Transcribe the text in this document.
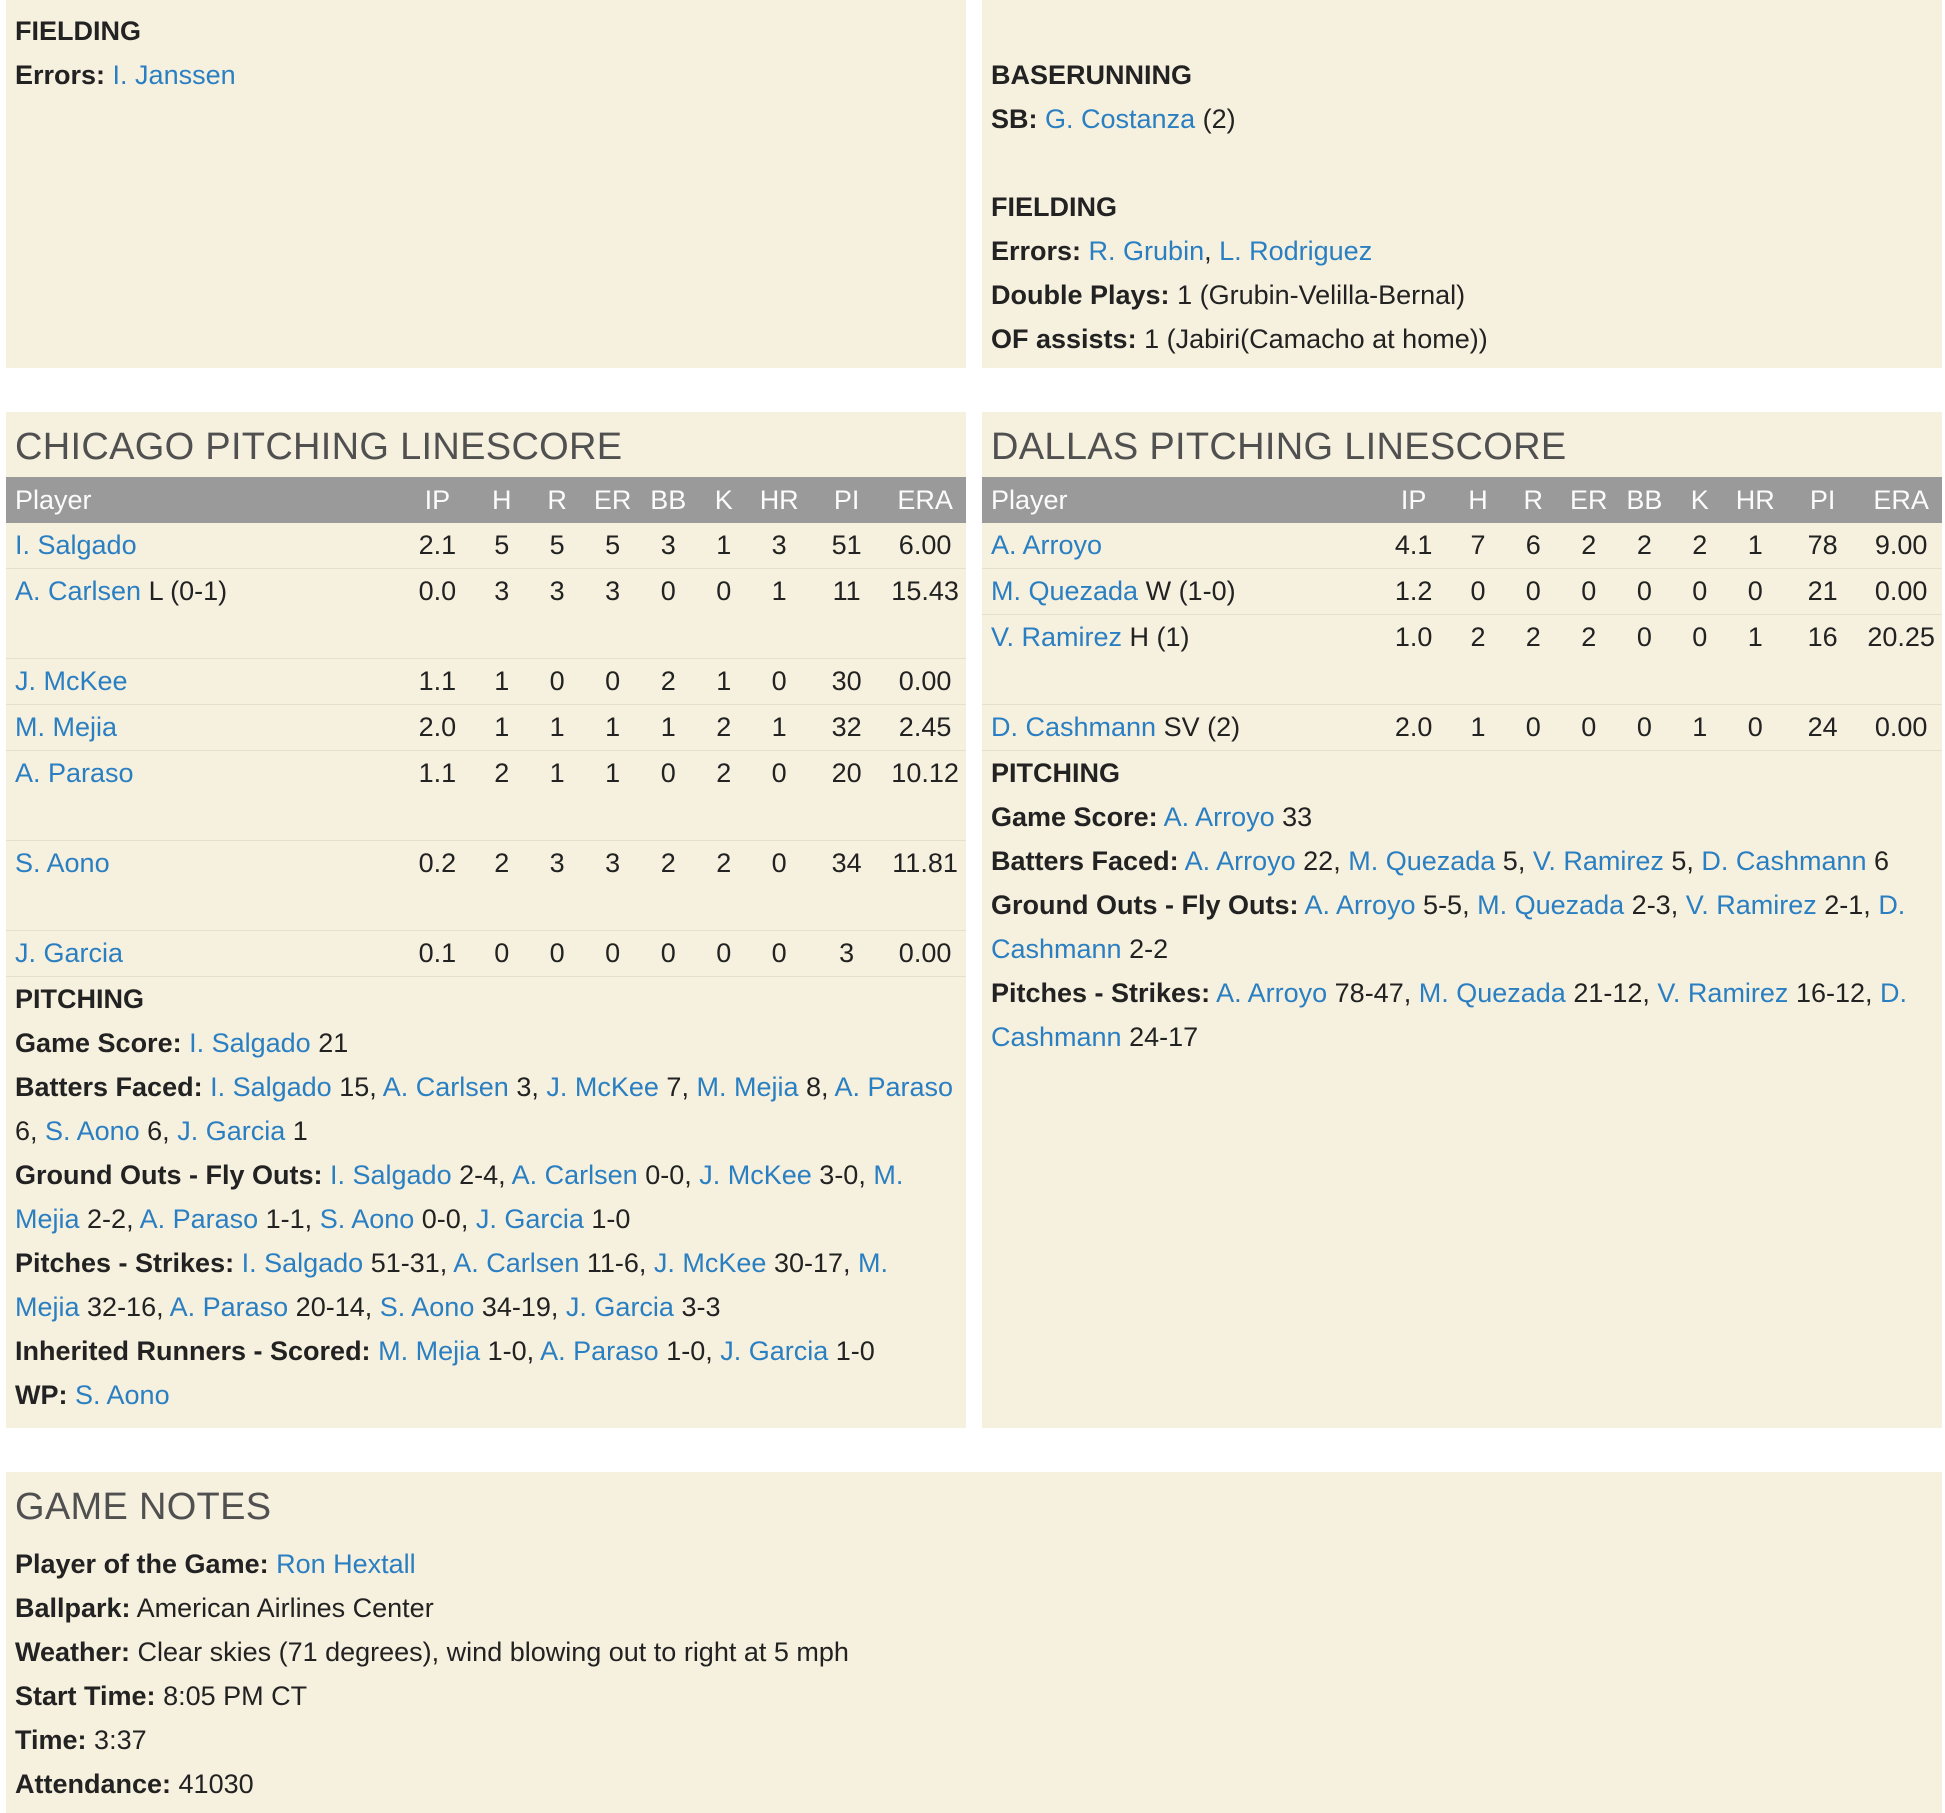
FIELDING
Errors: I. Janssen	BASERUNNING
SB: G. Costanza (2)
FIELDING
Errors: R. Grubin, L. Rodriguez
Double Plays: 1 (Grubin-Velilla-Bernal)
OF assists: 1 (Jabiri(Camacho at home))
CHICAGO PITCHING LINESCORE
Player	IP	H	R	ER	BB	K	HR	PI	ERA
I. Salgado	2.1	5	5	5	3	1	3	51	6.00
A. Carlsen L (0-1)	0.0	3	3	3	0	0	1	11	15.43
J. McKee	1.1	1	0	0	2	1	0	30	0.00
M. Mejia	2.0	1	1	1	1	2	1	32	2.45
A. Paraso	1.1	2	1	1	0	2	0	20	10.12
S. Aono	0.2	2	3	3	2	2	0	34	11.81
J. Garcia	0.1	0	0	0	0	0	0	3	0.00
PITCHING
Game Score: I. Salgado 21
Batters Faced: I. Salgado 15, A. Carlsen 3, J. McKee 7, M. Mejia 8, A. Paraso 6, S. Aono 6, J. Garcia 1
Ground Outs - Fly Outs: I. Salgado 2-4, A. Carlsen 0-0, J. McKee 3-0, M. Mejia 2-2, A. Paraso 1-1, S. Aono 0-0, J. Garcia 1-0
Pitches - Strikes: I. Salgado 51-31, A. Carlsen 11-6, J. McKee 30-17, M. Mejia 32-16, A. Paraso 20-14, S. Aono 34-19, J. Garcia 3-3
Inherited Runners - Scored: M. Mejia 1-0, A. Paraso 1-0, J. Garcia 1-0
WP: S. Aono
DALLAS PITCHING LINESCORE
Player	IP	H	R	ER	BB	K	HR	PI	ERA
A. Arroyo	4.1	7	6	2	2	2	1	78	9.00
M. Quezada W (1-0)	1.2	0	0	0	0	0	0	21	0.00
V. Ramirez H (1)	1.0	2	2	2	0	0	1	16	20.25
D. Cashmann SV (2)	2.0	1	0	0	0	1	0	24	0.00
PITCHING
Game Score: A. Arroyo 33
Batters Faced: A. Arroyo 22, M. Quezada 5, V. Ramirez 5, D. Cashmann 6
Ground Outs - Fly Outs: A. Arroyo 5-5, M. Quezada 2-3, V. Ramirez 2-1, D. Cashmann 2-2
Pitches - Strikes: A. Arroyo 78-47, M. Quezada 21-12, V. Ramirez 16-12, D. Cashmann 24-17
GAME NOTES
Player of the Game: Ron Hextall
Ballpark: American Airlines Center
Weather: Clear skies (71 degrees), wind blowing out to right at 5 mph
Start Time: 8:05 PM CT
Time: 3:37
Attendance: 41030
